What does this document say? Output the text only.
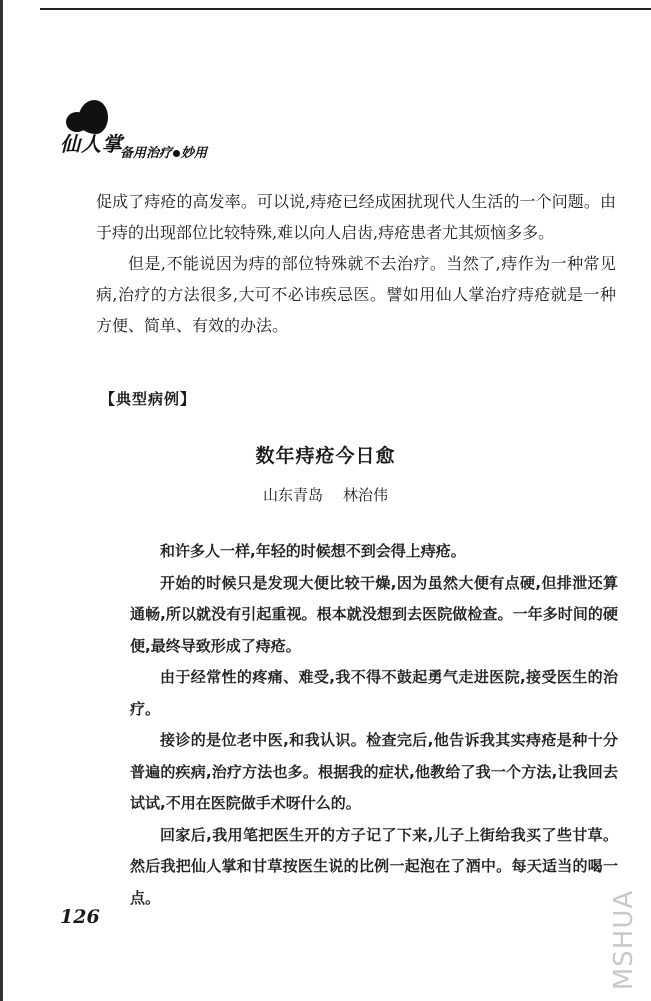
仙人掌
备用治疗 妙用

促成了痔疮的高发率。可以说,痔疮已经成困扰现代人生活的一个问题。由于痔的出现部位比较特殊,难以向人启齿,痔疮患者尤其烦恼多多。

但是,不能说因为痔的部位特殊就不去治疗。当然了,痔作为一种常见病,治疗的方法很多,大可不必讳疾忌医。譬如用仙人掌治疗痔疮就是一种方便、简单、有效的办法。

【典型病例】
数年痔疮今日愈
山东青岛 林治伟

和许多人一样,年轻的时候想不到会得上痔疮。

开始的时候只是发现大便比较干燥,因为虽然大便有点硬,但排泄还算通畅,所以就没有引起重视。根本就没想到去医院做检查。一年多时间的硬便,最终导致形成了痔疮。

由于经常性的疼痛、难受,我不得不鼓起勇气走进医院,接受医生的治疗。

接诊的是位老中医,和我认识。检查完后,他告诉我其实痔疮是种十分普遍的疾病,治疗方法也多。根据我的症状,他教给了我一个方法,让我回去试试,不用在医院做手术呀什么的。

回家后,我用笔把医生开的方子记了下来,儿子上街给我买了些甘草。然后我把仙人掌和甘草按医生说的比例一起泡在了酒中。每天适当的喝一点。

126	MSHUA
